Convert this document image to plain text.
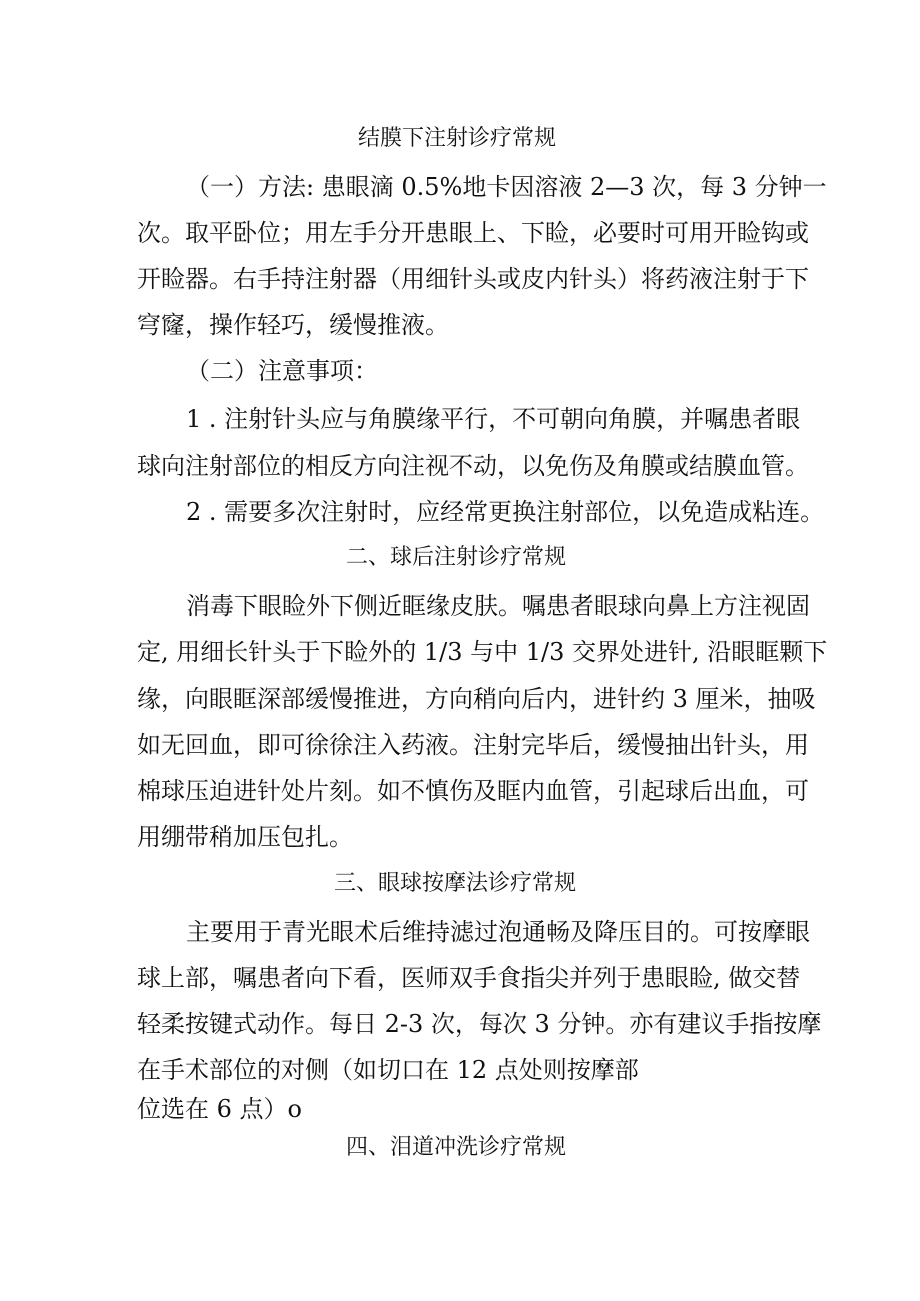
结膜下注射诊疗常规

（一）方法: 患眼滴 0.5%地卡因溶液 2—3 次，每 3 分钟一

次。取平卧位；用左手分开患眼上、下睑，必要时可用开睑钩或

开睑器。右手持注射器（用细针头或皮内针头）将药液注射于下

穹窿，操作轻巧，缓慢推液。

（二）注意事项：

1 . 注射针头应与角膜缘平行，不可朝向角膜，并嘱患者眼

球向注射部位的相反方向注视不动，以免伤及角膜或结膜血管。

2 . 需要多次注射时，应经常更换注射部位，以免造成粘连。

二、球后注射诊疗常规

消毒下眼睑外下侧近眶缘皮肤。嘱患者眼球向鼻上方注视固

定, 用细长针头于下睑外的 1/3 与中 1/3 交界处进针, 沿眼眶颗下

缘，向眼眶深部缓慢推进，方向稍向后内，进针约 3 厘米，抽吸

如无回血，即可徐徐注入药液。注射完毕后，缓慢抽出针头，用

棉球压迫进针处片刻。如不慎伤及眶内血管，引起球后出血，可

用绷带稍加压包扎。

三、眼球按摩法诊疗常规

主要用于青光眼术后维持滤过泡通畅及降压目的。可按摩眼

球上部，嘱患者向下看，医师双手食指尖并列于患眼睑, 做交替

轻柔按键式动作。每日 2-3 次，每次 3 分钟。亦有建议手指按摩

在手术部位的对侧（如切口在 12 点处则按摩部

位选在 6 点）o

四、泪道冲洗诊疗常规
